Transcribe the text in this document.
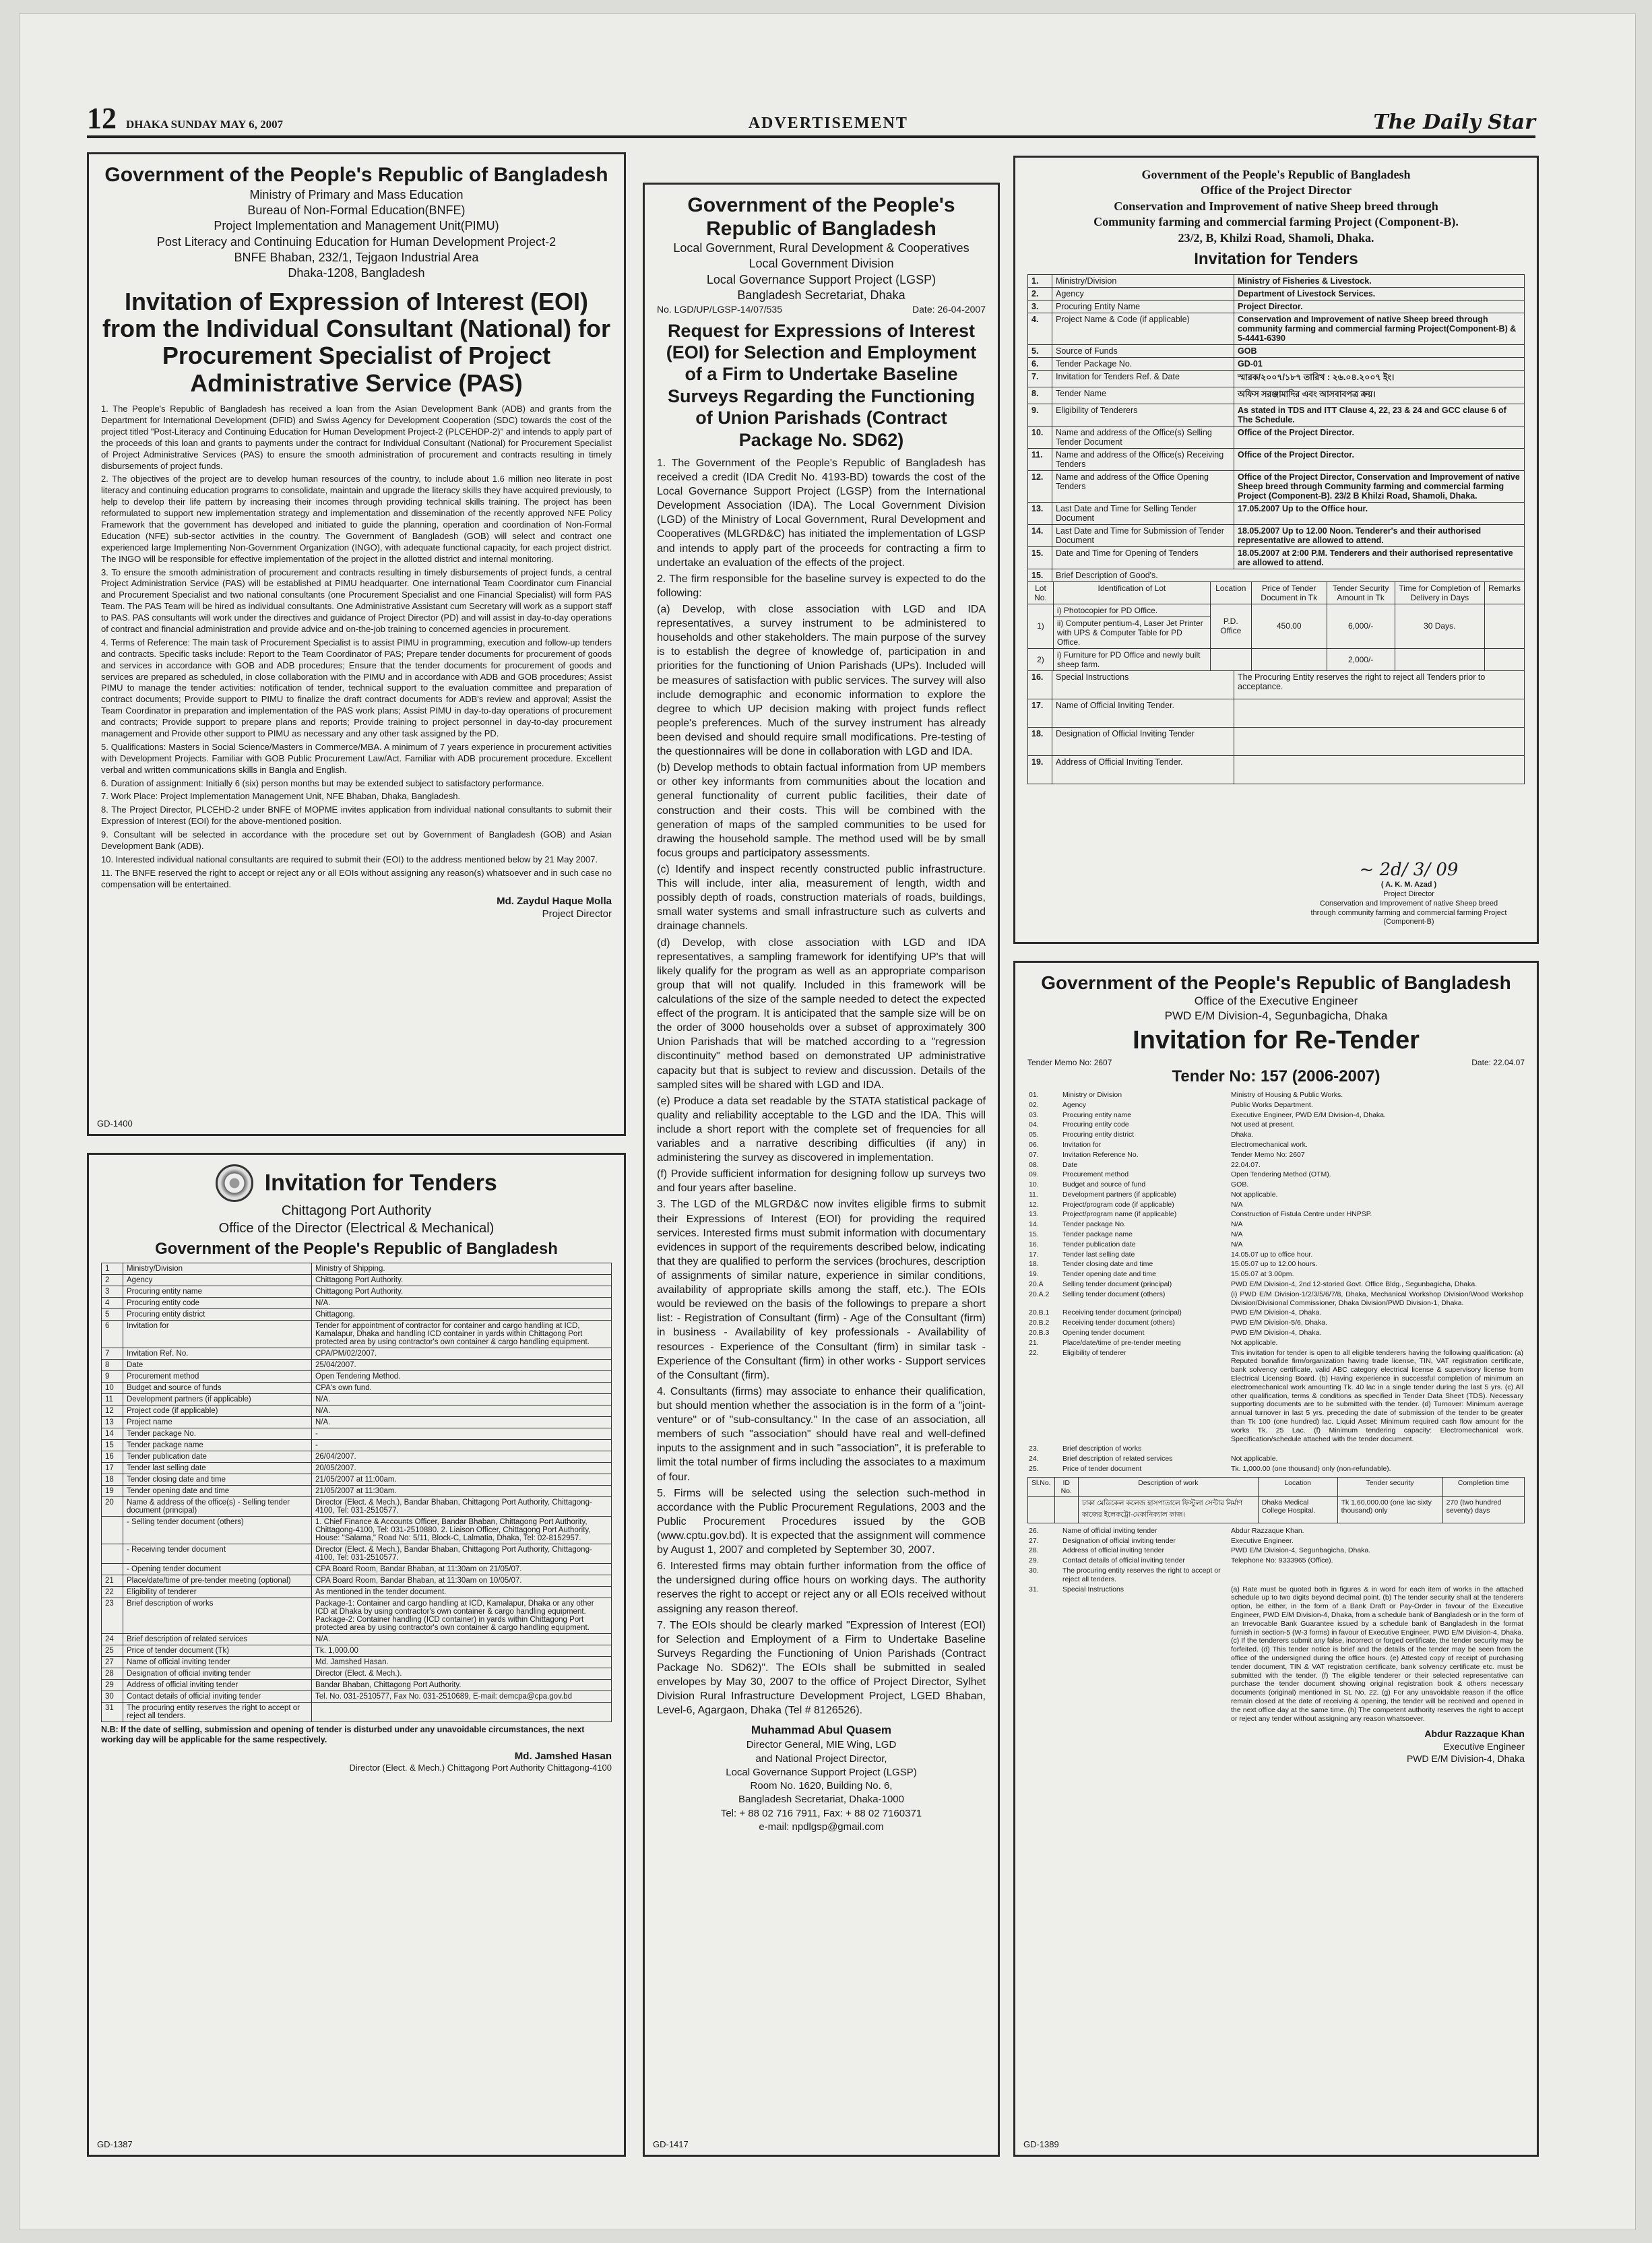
12 DHAKA SUNDAY MAY 6, 2007	ADVERTISEMENT	The Daily Star
Government of the People's Republic of Bangladesh
Ministry of Primary and Mass Education
Bureau of Non-Formal Education(BNFE)
Project Implementation and Management Unit(PIMU)
Post Literacy and Continuing Education for Human Development Project-2
BNFE Bhaban, 232/1, Tejgaon Industrial Area
Dhaka-1208, Bangladesh
Invitation of Expression of Interest (EOI) from the Individual Consultant (National) for Procurement Specialist of Project Administrative Service (PAS)

1. The People's Republic of Bangladesh has received a loan from the Asian Development Bank (ADB) and grants from the Department for International Development (DFID) and Swiss Agency for Development Cooperation (SDC) towards the cost of the project titled "Post-Literacy and Continuing Education for Human Development Project-2 (PLCEHDP-2)" and intends to apply part of the proceeds of this loan and grants to payments under the contract for Individual Consultant (National) for Procurement Specialist of Project Administrative Services (PAS) to ensure the smooth administration of procurement and contracts resulting in timely disbursements of project funds.

2. The objectives of the project are to develop human resources of the country, to include about 1.6 million neo literate in post literacy and continuing education programs to consolidate, maintain and upgrade the literacy skills they have acquired previously, to help to develop their life pattern by increasing their incomes through providing technical skills training. The project has been reformulated to support new implementation strategy and implementation and dissemination of the recently approved NFE Policy Framework that the government has developed and initiated to guide the planning, operation and coordination of Non-Formal Education (NFE) sub-sector activities in the country. The Government of Bangladesh (GOB) will select and contract one experienced large Implementing Non-Government Organization (INGO), with adequate functional capacity, for each project district. The INGO will be responsible for effective implementation of the project in the allotted district and internal monitoring.

3. To ensure the smooth administration of procurement and contracts resulting in timely disbursements of project funds, a central Project Administration Service (PAS) will be established at PIMU headquarter. One international Team Coordinator cum Financial and Procurement Specialist and two national consultants (one Procurement Specialist and one Financial Specialist) will form PAS Team. The PAS Team will be hired as individual consultants. One Administrative Assistant cum Secretary will work as a support staff to PAS. PAS consultants will work under the directives and guidance of Project Director (PD) and will assist in day-to-day operations of contract and financial administration and provide advice and on-the-job training to concerned agencies in procurement.

4. Terms of Reference: The main task of Procurement Specialist is to assist PIMU in programming, execution and follow-up tenders and contracts. Specific tasks include: Report to the Team Coordinator of PAS; Prepare tender documents for procurement of goods and services in accordance with GOB and ADB procedures; Ensure that the tender documents for procurement of goods and services are prepared as scheduled, in close collaboration with the PIMU and in accordance with ADB and GOB procedures; Assist PIMU to manage the tender activities: notification of tender, technical support to the evaluation committee and preparation of contract documents; Provide support to PIMU to finalize the draft contract documents for ADB's review and approval; Assist the Team Coordinator in preparation and implementation of the PAS work plans; Assist PIMU in day-to-day operations of procurement and contracts; Provide support to prepare plans and reports; Provide training to project personnel in day-to-day procurement management and Provide other support to PIMU as necessary and any other task assigned by the PD.

5. Qualifications: Masters in Social Science/Masters in Commerce/MBA. A minimum of 7 years experience in procurement activities with Development Projects. Familiar with GOB Public Procurement Law/Act. Familiar with ADB procurement procedure. Excellent verbal and written communications skills in Bangla and English.

6. Duration of assignment: Initially 6 (six) person months but may be extended subject to satisfactory performance.

7. Work Place: Project Implementation Management Unit, NFE Bhaban, Dhaka, Bangladesh.

8. The Project Director, PLCEHD-2 under BNFE of MOPME invites application from individual national consultants to submit their Expression of Interest (EOI) for the above-mentioned position.

9. Consultant will be selected in accordance with the procedure set out by Government of Bangladesh (GOB) and Asian Development Bank (ADB).

10. Interested individual national consultants are required to submit their (EOI) to the address mentioned below by 21 May 2007.

11. The BNFE reserved the right to accept or reject any or all EOIs without assigning any reason(s) whatsoever and in such case no compensation will be entertained.

Md. Zaydul Haque Molla
Project Director
GD-1400
Invitation for Tenders
Chittagong Port Authority
Office of the Director (Electrical & Mechanical)
Government of the People's Republic of Bangladesh
1	Ministry/Division	Ministry of Shipping.
2	Agency	Chittagong Port Authority.
3	Procuring entity name	Chittagong Port Authority.
4	Procuring entity code	N/A.
5	Procuring entity district	Chittagong.
6	Invitation for	Tender for appointment of contractor for container and cargo handling at ICD, Kamalapur, Dhaka and handling ICD container in yards within Chittagong Port protected area by using contractor's own container & cargo handling equipment.
7	Invitation Ref. No.	CPA/PM/02/2007.
8	Date	25/04/2007.
9	Procurement method	Open Tendering Method.
10	Budget and source of funds	CPA's own fund.
11	Development partners (if applicable)	N/A.
12	Project code (if applicable)	N/A.
13	Project name	N/A.
14	Tender package No.	-
15	Tender package name	-
16	Tender publication date	26/04/2007.
17	Tender last selling date	20/05/2007.
18	Tender closing date and time	21/05/2007 at 11:00am.
19	Tender opening date and time	21/05/2007 at 11:30am.
20	Name & address of the office(s) - Selling tender document (principal)	Director (Elect. & Mech.), Bandar Bhaban, Chittagong Port Authority, Chittagong-4100, Tel: 031-2510577.
	- Selling tender document (others)	1. Chief Finance & Accounts Officer, Bandar Bhaban, Chittagong Port Authority, Chittagong-4100, Tel: 031-2510880. 2. Liaison Officer, Chittagong Port Authority, House: "Salama," Road No: 5/11, Block-C, Lalmatia, Dhaka, Tel: 02-8152957.
	- Receiving tender document	Director (Elect. & Mech.), Bandar Bhaban, Chittagong Port Authority, Chittagong-4100, Tel: 031-2510577.
	- Opening tender document	CPA Board Room, Bandar Bhaban, at 11:30am on 21/05/07.
21	Place/date/time of pre-tender meeting (optional)	CPA Board Room, Bandar Bhaban, at 11:30am on 10/05/07.
22	Eligibility of tenderer	As mentioned in the tender document.
23	Brief description of works	Package-1: Container and cargo handling at ICD, Kamalapur, Dhaka or any other ICD at Dhaka by using contractor's own container & cargo handling equipment. Package-2: Container handling (ICD container) in yards within Chittagong Port protected area by using contractor's own container & cargo handling equipment.
24	Brief description of related services	N/A.
25	Price of tender document (Tk)	Tk. 1,000.00
27	Name of official inviting tender	Md. Jamshed Hasan.
28	Designation of official inviting tender	Director (Elect. & Mech.).
29	Address of official inviting tender	Bandar Bhaban, Chittagong Port Authority.
30	Contact details of official inviting tender	Tel. No. 031-2510577, Fax No. 031-2510689, E-mail: demcpa@cpa.gov.bd
31	The procuring entity reserves the right to accept or reject all tenders.	
N.B: If the date of selling, submission and opening of tender is disturbed under any unavoidable circumstances, the next working day will be applicable for the same respectively.
Md. Jamshed Hasan
Director (Elect. & Mech.) Chittagong Port Authority Chittagong-4100
GD-1387
Government of the People's Republic of Bangladesh
Local Government, Rural Development & Cooperatives
Local Government Division
Local Governance Support Project (LGSP)
Bangladesh Secretariat, Dhaka
No. LGD/UP/LGSP-14/07/535	Date: 26-04-2007
Request for Expressions of Interest (EOI) for Selection and Employment of a Firm to Undertake Baseline Surveys Regarding the Functioning of Union Parishads (Contract Package No. SD62)

1. The Government of the People's Republic of Bangladesh has received a credit (IDA Credit No. 4193-BD) towards the cost of the Local Governance Support Project (LGSP) from the International Development Association (IDA). The Local Government Division (LGD) of the Ministry of Local Government, Rural Development and Cooperatives (MLGRD&C) has initiated the implementation of LGSP and intends to apply part of the proceeds for contracting a firm to undertake an evaluation of the effects of the project.

2. The firm responsible for the baseline survey is expected to do the following:

(a) Develop, with close association with LGD and IDA representatives, a survey instrument to be administered to households and other stakeholders. The main purpose of the survey is to establish the degree of knowledge of, participation in and priorities for the functioning of Union Parishads (UPs). Included will be measures of satisfaction with public services. The survey will also include demographic and economic information to explore the degree to which UP decision making with project funds reflect people's preferences. Much of the survey instrument has already been devised and should require small modifications. Pre-testing of the questionnaires will be done in collaboration with LGD and IDA.

(b) Develop methods to obtain factual information from UP members or other key informants from communities about the location and general functionality of current public facilities, their date of construction and their costs. This will be combined with the generation of maps of the sampled communities to be used for drawing the household sample. The method used will be by small focus groups and participatory assessments.

(c) Identify and inspect recently constructed public infrastructure. This will include, inter alia, measurement of length, width and possibly depth of roads, construction materials of roads, buildings, small water systems and small infrastructure such as culverts and drainage channels.

(d) Develop, with close association with LGD and IDA representatives, a sampling framework for identifying UP's that will likely qualify for the program as well as an appropriate comparison group that will not qualify. Included in this framework will be calculations of the size of the sample needed to detect the expected effect of the program. It is anticipated that the sample size will be on the order of 3000 households over a subset of approximately 300 Union Parishads that will be matched according to a "regression discontinuity" method based on demonstrated UP administrative capacity but that is subject to review and discussion. Details of the sampled sites will be shared with LGD and IDA.

(e) Produce a data set readable by the STATA statistical package of quality and reliability acceptable to the LGD and the IDA. This will include a short report with the complete set of frequencies for all variables and a narrative describing difficulties (if any) in administering the survey as discovered in implementation.

(f) Provide sufficient information for designing follow up surveys two and four years after baseline.

3. The LGD of the MLGRD&C now invites eligible firms to submit their Expressions of Interest (EOI) for providing the required services. Interested firms must submit information with documentary evidences in support of the requirements described below, indicating that they are qualified to perform the services (brochures, description of assignments of similar nature, experience in similar conditions, availability of appropriate skills among the staff, etc.). The EOIs would be reviewed on the basis of the followings to prepare a short list: - Registration of Consultant (firm) - Age of the Consultant (firm) in business - Availability of key professionals - Availability of resources - Experience of the Consultant (firm) in similar task - Experience of the Consultant (firm) in other works - Support services of the Consultant (firm).

4. Consultants (firms) may associate to enhance their qualification, but should mention whether the association is in the form of a "joint-venture" or of "sub-consultancy." In the case of an association, all members of such "association" should have real and well-defined inputs to the assignment and in such "association", it is preferable to limit the total number of firms including the associates to a maximum of four.

5. Firms will be selected using the selection such-method in accordance with the Public Procurement Regulations, 2003 and the Public Procurement Procedures issued by the GOB (www.cptu.gov.bd). It is expected that the assignment will commence by August 1, 2007 and completed by September 30, 2007.

6. Interested firms may obtain further information from the office of the undersigned during office hours on working days. The authority reserves the right to accept or reject any or all EOIs received without assigning any reason thereof.

7. The EOIs should be clearly marked "Expression of Interest (EOI) for Selection and Employment of a Firm to Undertake Baseline Surveys Regarding the Functioning of Union Parishads (Contract Package No. SD62)". The EOIs shall be submitted in sealed envelopes by May 30, 2007 to the office of Project Director, Sylhet Division Rural Infrastructure Development Project, LGED Bhaban, Level-6, Agargaon, Dhaka (Tel # 8126526).

Muhammad Abul Quasem
Director General, MIE Wing, LGD
and National Project Director,
Local Governance Support Project (LGSP)
Room No. 1620, Building No. 6,
Bangladesh Secretariat, Dhaka-1000
Tel: + 88 02 716 7911, Fax: + 88 02 7160371
e-mail: npdlgsp@gmail.com
GD-1417
Government of the People's Republic of Bangladesh
Office of the Project Director
Conservation and Improvement of native Sheep breed through
Community farming and commercial farming Project (Component-B).
23/2, B, Khilzi Road, Shamoli, Dhaka.
Invitation for Tenders
1.	Ministry/Division	Ministry of Fisheries & Livestock.
2.	Agency	Department of Livestock Services.
3.	Procuring Entity Name	Project Director.
4.	Project Name & Code (if applicable)	Conservation and Improvement of native Sheep breed through community farming and commercial farming Project(Component-B) & 5-4441-6390
5.	Source of Funds	GOB
6.	Tender Package No.	GD-01
7.	Invitation for Tenders Ref. & Date	স্মারক/২০০৭/১৮৭ তারিখ : ২৬.০৪.২০০৭ ইং।
8.	Tender Name	অফিস সরঞ্জামাদির এবং আসবাবপত্র ক্রয়।
9.	Eligibility of Tenderers	As stated in TDS and ITT Clause 4, 22, 23 & 24 and GCC clause 6 of The Schedule.
10.	Name and address of the Office(s) Selling Tender Document	Office of the Project Director.
11.	Name and address of the Office(s) Receiving Tenders	Office of the Project Director.
12.	Name and address of the Office Opening Tenders	Office of the Project Director, Conservation and Improvement of native Sheep breed through Community farming and commercial farming Project (Component-B). 23/2 B Khilzi Road, Shamoli, Dhaka.
13.	Last Date and Time for Selling Tender Document	17.05.2007 Up to the Office hour.
14.	Last Date and Time for Submission of Tender Document	18.05.2007 Up to 12.00 Noon. Tenderer's and their authorised representative are allowed to attend.
15.	Date and Time for Opening of Tenders	18.05.2007 at 2:00 P.M. Tenderers and their authorised representative are allowed to attend.
15.	Brief Description of Good's.	
Lot No.	Identification of Lot	Location	Price of Tender Document in Tk	Tender Security Amount in Tk	Time for Completion of Delivery in Days	Remarks
1)	i) Photocopier for PD Office.	P.D. Office	450.00	6,000/-	30 Days.	
	ii) Computer pentium-4, Laser Jet Printer with UPS & Computer Table for PD Office.					
2)	i) Furniture for PD Office and newly built sheep farm.			2,000/-		
16.	Special Instructions	The Procuring Entity reserves the right to reject all Tenders prior to acceptance.
17.	Name of Official Inviting Tender.	
18.	Designation of Official Inviting Tender	
19.	Address of Official Inviting Tender.	
~ 2d/ 3/ 09
( A. K. M. Azad )
Project Director
Conservation and Improvement of native Sheep breed through community farming and commercial farming Project (Component-B)
Government of the People's Republic of Bangladesh
Office of the Executive Engineer
PWD E/M Division-4, Segunbagicha, Dhaka
Invitation for Re-Tender
Tender Memo No: 2607	Date: 22.04.07
Tender No: 157 (2006-2007)
01.	Ministry or Division	Ministry of Housing & Public Works.
02.	Agency	Public Works Department.
03.	Procuring entity name	Executive Engineer, PWD E/M Division-4, Dhaka.
04.	Procuring entity code	Not used at present.
05.	Procuring entity district	Dhaka.
06.	Invitation for	Electromechanical work.
07.	Invitation Reference No.	Tender Memo No: 2607
08.	Date	22.04.07.
09.	Procurement method	Open Tendering Method (OTM).
10.	Budget and source of fund	GOB.
11.	Development partners (if applicable)	Not applicable.
12.	Project/program code (if applicable)	N/A
13.	Project/program name (if applicable)	Construction of Fistula Centre under HNPSP.
14.	Tender package No.	N/A
15.	Tender package name	N/A
16.	Tender publication date	N/A
17.	Tender last selling date	14.05.07 up to office hour.
18.	Tender closing date and time	15.05.07 up to 12.00 hours.
19.	Tender opening date and time	15.05.07 at 3.00pm.
20.A	Selling tender document (principal)	PWD E/M Division-4, 2nd 12-storied Govt. Office Bldg., Segunbagicha, Dhaka.
20.A.2	Selling tender document (others)	(i) PWD E/M Division-1/2/3/5/6/7/8, Dhaka, Mechanical Workshop Division/Wood Workshop Division/Divisional Commissioner, Dhaka Division/PWD Division-1, Dhaka.
20.B.1	Receiving tender document (principal)	PWD E/M Division-4, Dhaka.
20.B.2	Receiving tender document (others)	PWD E/M Division-5/6, Dhaka.
20.B.3	Opening tender document	PWD E/M Division-4, Dhaka.
21.	Place/date/time of pre-tender meeting	Not applicable.
22.	Eligibility of tenderer	This invitation for tender is open to all eligible tenderers having the following qualification: (a) Reputed bonafide firm/organization having trade license, TIN, VAT registration certificate, bank solvency certificate, valid ABC category electrical license & supervisory license from Electrical Licensing Board. (b) Having experience in successful completion of minimum an electromechanical work amounting Tk. 40 lac in a single tender during the last 5 yrs. (c) All other qualification, terms & conditions as specified in Tender Data Sheet (TDS). Necessary supporting documents are to be submitted with the tender. (d) Turnover: Minimum average annual turnover in last 5 yrs. preceding the date of submission of the tender to be greater than Tk 100 (one hundred) lac. Liquid Asset: Minimum required cash flow amount for the works Tk. 25 Lac. (f) Minimum tendering capacity: Electromechanical work. Specification/schedule attached with the tender document.
23.	Brief description of works	
24.	Brief description of related services	Not applicable.
25.	Price of tender document	Tk. 1,000.00 (one thousand) only (non-refundable).
Sl.No.	ID No.	Description of work	Location	Tender security	Completion time
		ঢাকা মেডিকেল কলেজ হাসপাতালে ফিস্টুলা সেন্টার নির্মাণ কাজের ইলেকট্রো-মেকানিক্যাল কাজ।	Dhaka Medical College Hospital.	Tk 1,60,000.00 (one lac sixty thousand) only	270 (two hundred seventy) days
26.	Name of official inviting tender	Abdur Razzaque Khan.
27.	Designation of official inviting tender	Executive Engineer.
28.	Address of official inviting tender	PWD E/M Division-4, Segunbagicha, Dhaka.
29.	Contact details of official inviting tender	Telephone No: 9333965 (Office).
30.	The procuring entity reserves the right to accept or reject all tenders.	
31.	Special Instructions	(a) Rate must be quoted both in figures & in word for each item of works in the attached schedule up to two digits beyond decimal point. (b) The tender security shall at the tenderers option, be either, in the form of a Bank Draft or Pay-Order in favour of the Executive Engineer, PWD E/M Division-4, Dhaka, from a schedule bank of Bangladesh or in the form of an Irrevocable Bank Guarantee issued by a schedule bank of Bangladesh in the format furnish in section-5 (W-3 forms) in favour of Executive Engineer, PWD E/M Division-4, Dhaka. (c) If the tenderers submit any false, incorrect or forged certificate, the tender security may be forfeited. (d) This tender notice is brief and the details of the tender may be seen from the office of the undersigned during the office hours. (e) Attested copy of receipt of purchasing tender document, TIN & VAT registration certificate, bank solvency certificate etc. must be submitted with the tender. (f) The eligible tenderer or their selected representative can purchase the tender document showing original registration book & others necessary documents (original) mentioned in SL No. 22. (g) For any unavoidable reason if the office remain closed at the date of receiving & opening, the tender will be received and opened in the next office day at the same time. (h) The competent authority reserves the right to accept or reject any tender without assigning any reason whatsoever.
Abdur Razzaque Khan
Executive Engineer
PWD E/M Division-4, Dhaka
GD-1389
